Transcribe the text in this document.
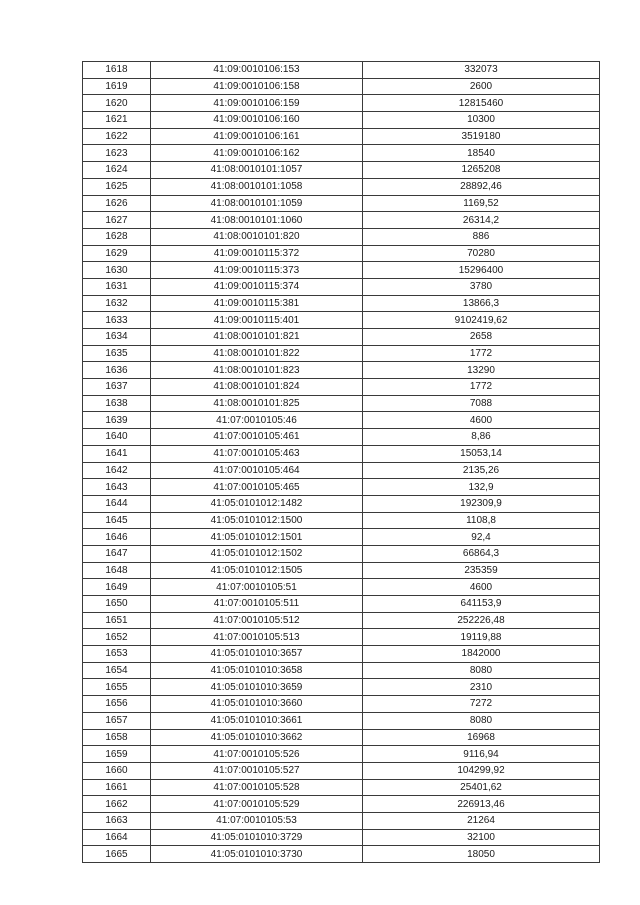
1618	41:09:0010106:153	332073
1619	41:09:0010106:158	2600
1620	41:09:0010106:159	12815460
1621	41:09:0010106:160	10300
1622	41:09:0010106:161	3519180
1623	41:09:0010106:162	18540
1624	41:08:0010101:1057	1265208
1625	41:08:0010101:1058	28892,46
1626	41:08:0010101:1059	1169,52
1627	41:08:0010101:1060	26314,2
1628	41:08:0010101:820	886
1629	41:09:0010115:372	70280
1630	41:09:0010115:373	15296400
1631	41:09:0010115:374	3780
1632	41:09:0010115:381	13866,3
1633	41:09:0010115:401	9102419,62
1634	41:08:0010101:821	2658
1635	41:08:0010101:822	1772
1636	41:08:0010101:823	13290
1637	41:08:0010101:824	1772
1638	41:08:0010101:825	7088
1639	41:07:0010105:46	4600
1640	41:07:0010105:461	8,86
1641	41:07:0010105:463	15053,14
1642	41:07:0010105:464	2135,26
1643	41:07:0010105:465	132,9
1644	41:05:0101012:1482	192309,9
1645	41:05:0101012:1500	1108,8
1646	41:05:0101012:1501	92,4
1647	41:05:0101012:1502	66864,3
1648	41:05:0101012:1505	235359
1649	41:07:0010105:51	4600
1650	41:07:0010105:511	641153,9
1651	41:07:0010105:512	252226,48
1652	41:07:0010105:513	19119,88
1653	41:05:0101010:3657	1842000
1654	41:05:0101010:3658	8080
1655	41:05:0101010:3659	2310
1656	41:05:0101010:3660	7272
1657	41:05:0101010:3661	8080
1658	41:05:0101010:3662	16968
1659	41:07:0010105:526	9116,94
1660	41:07:0010105:527	104299,92
1661	41:07:0010105:528	25401,62
1662	41:07:0010105:529	226913,46
1663	41:07:0010105:53	21264
1664	41:05:0101010:3729	32100
1665	41:05:0101010:3730	18050
